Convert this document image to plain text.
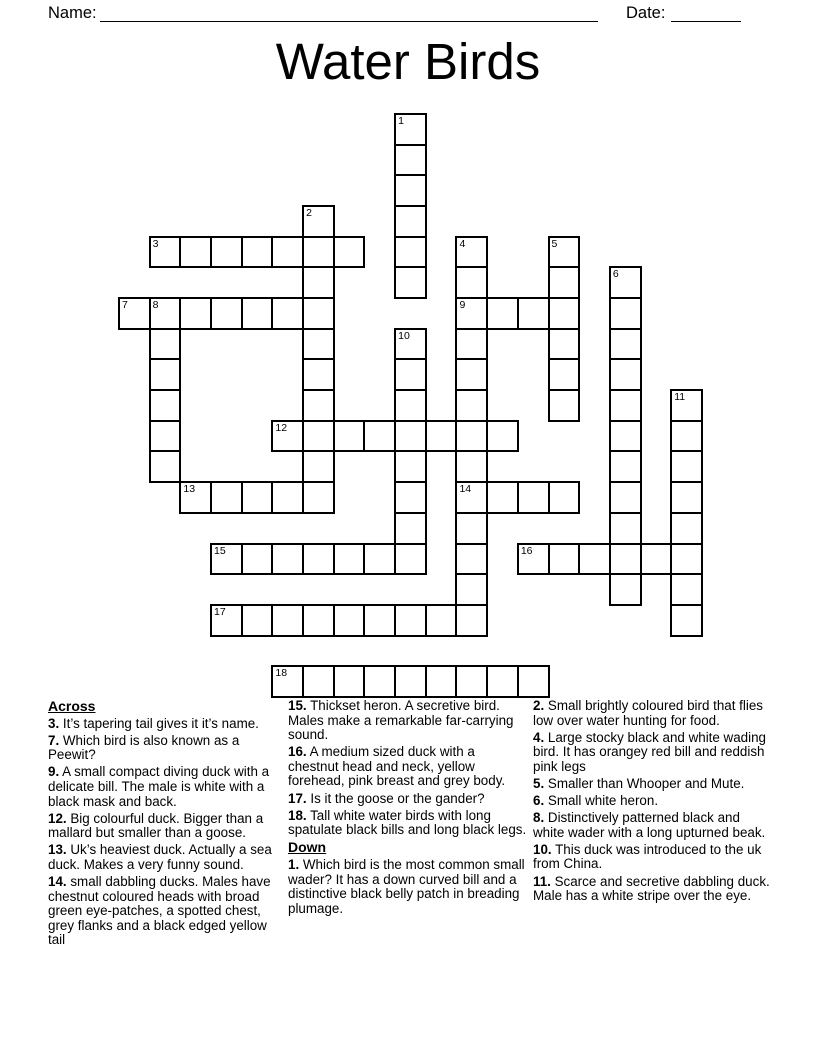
Name:	Date:
Water Birds
1
2
3	4	5
6
7 8	9
10
11
12
13	14
15	16
17
18
Across
3. It’s tapering tail gives it it’s name.
7. Which bird is also known as a Peewit?
9. A small compact diving duck with a delicate bill. The male is white with a black mask and back.
12. Big colourful duck. Bigger than a mallard but smaller than a goose.
13. Uk’s heaviest duck. Actually a sea duck. Makes a very funny sound.
14. small dabbling ducks. Males have chestnut coloured heads with broad green eye-patches, a spotted chest, grey flanks and a black edged yellow tail
15. Thickset heron. A secretive bird. Males make a remarkable far-carrying sound.
16. A medium sized duck with a chestnut head and neck, yellow forehead, pink breast and grey body.
17. Is it the goose or the gander?
18. Tall white water birds with long spatulate black bills and long black legs.
Down
1. Which bird is the most common small wader? It has a down curved bill and a distinctive black belly patch in breading plumage.
2. Small brightly coloured bird that flies low over water hunting for food.
4. Large stocky black and white wading bird. It has orangey red bill and reddish pink legs
5. Smaller than Whooper and Mute.
6. Small white heron.
8. Distinctively patterned black and white wader with a long upturned beak.
10. This duck was introduced to the uk from China.
11. Scarce and secretive dabbling duck. Male has a white stripe over the eye.
